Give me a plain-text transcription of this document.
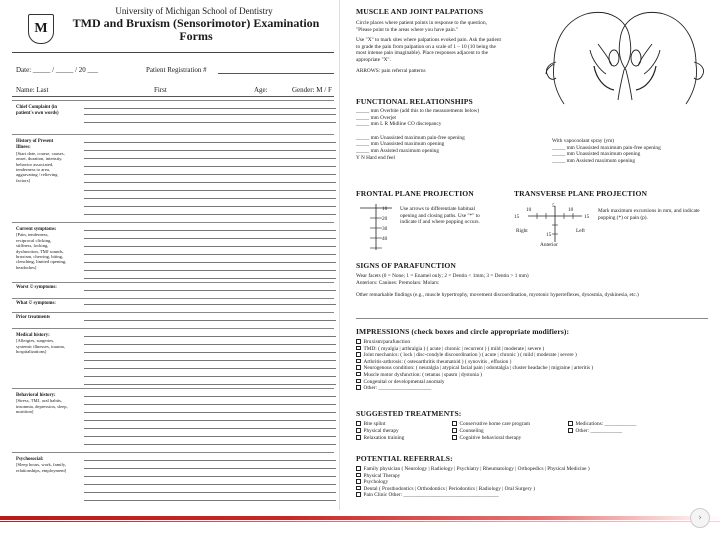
M
University of Michigan School of Dentistry
TMD and Bruxism (Sensorimotor) Examination Forms
Date: _____ / _____ / 20 ___	Patient Registration #
Name: Last	First	Age:	Gender: M / F
Chief Complaint (in patient's own words)
History of Present Illness:
[Start date, course, causes, onset, duration, intensity, behavior associated, tenderness to area, aggravating / relieving factors]
Current symptoms:
[Pain, tenderness, reciprocal clicking, stiffness, locking, dysfunction, TMJ sounds, bruxism, chewing, biting, clenching, limited opening, headaches]
Worst © symptoms:
What © symptoms:
Prior treatments
Medical history:
[Allergies, surgeries, systemic illnesses, trauma, hospitalizations]
Behavioral history:
[Stress, TMJ, oral habits, insomnia, depression, sleep, nutrition]
Psychosocial:
[Sleep hours, work, family, relationships, employment]
MUSCLE AND JOINT PALPATIONS
Circle places where patient points in response to the question,
"Please point to the areas where you have pain."
Use "X" to mark sites where palpations evoked pain. Ask the patient
to grade the pain from palpation on a scale of 1 – 10 (10 being the
most intense pain imaginable). Place responses adjacent to the
appropriate "X".
ARROWS: pain referral patterns
FUNCTIONAL RELATIONSHIPS
_____ mm Overbite (add this to the measurements below)
_____ mm Overjet
_____ mm L R Midline CO discrepancy
_____ mm Unassisted maximum pain-free opening
_____ mm Unassisted maximum opening
_____ mm Assisted maximum opening
Y N Hard end feel
With vapocoolant spray (ym)
_____ mm Unassisted maximum pain-free opening
_____ mm Unassisted maximum opening
_____ mm Assisted maximum opening
FRONTAL PLANE PROJECTION
10
20
30
40
Use arrows to differentiate habitual opening and closing paths. Use "*" to indicate if and where popping occurs.
TRANSVERSE PLANE PROJECTION
5
10	10
15	15
Right	Left
15
Anterior
Mark maximum excursions in mm, and indicate popping (*) or pain (p).
SIGNS OF PARAFUNCTION
Wear facets (0 = None; 1 = Enamel only; 2 = Dentin < 1mm; 3 = Dentin > 1 mm)
Anteriors: Canines: Premolars: Molars:
Other remarkable findings (e.g., muscle hypertrophy, movement discoordination, myotonic hyperreflexes, dysosmia, dyskinesia, etc.)
IMPRESSIONS (check boxes and circle appropriate modifiers):
Bruxism/parafunction
TMD: ( myalgia | arthralgia ) ( acute | chronic | recurrent ) ( mild | moderate | severe )
Joint mechanics: ( lock | disc-condyle discoordination ) ( acute | chronic ) ( mild | moderate | severe )
Arthritis-arthrosis: ( osteoarthritis rheumatoid ) ( synovitis , effusion )
Neurogenous condition: ( neuralgia | atypical facial pain | odontalgia | cluster headache | migraine | arteritis )
Muscle motor dysfunction: ( tetanus | spasm | dystonia )
Congenital or developmental anomaly
Other: ____________________
SUGGESTED TREATMENTS:
Bite splint	Conservative home care program	Medications: ____________
Physical therapy	Counseling	Other: ____________
Relaxation training	Cognitive behavioral therapy
POTENTIAL REFERRALS:
Family physician ( Neurology | Radiology | Psychiatry | Rheumatology | Orthopedics | Physical Medicine )
Physical Therapy
Psychology
Dental ( Prosthodontics | Orthodontics | Periodontics | Radiology | Oral Surgery )
Pain Clinic Other: ____________________________________
›
